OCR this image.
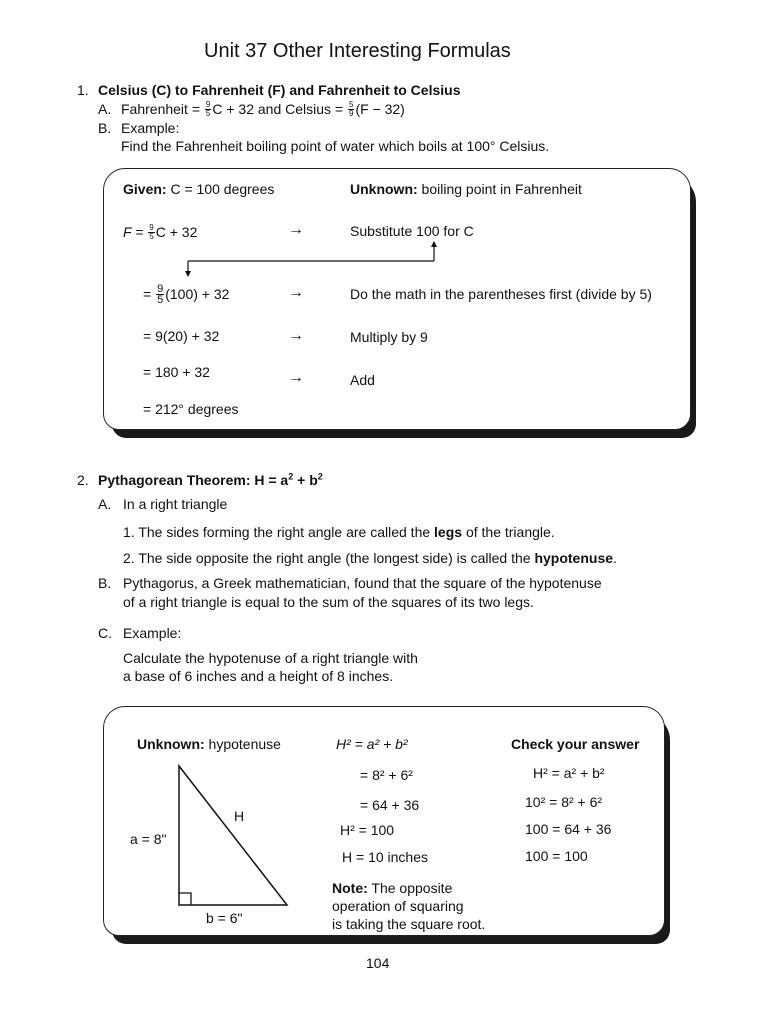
Unit 37 Other Interesting Formulas
1. Celsius (C) to Fahrenheit (F) and Fahrenheit to Celsius
A. Fahrenheit = $\frac{9}{5}$ C + 32 and Celsius = $\frac{5}{9} (F - 32)$
B. Example:
Find the Fahrenheit boiling point of water which boils at 100° Celsius.
Given: C = 100 degrees	Unknown: boiling point in Fahrenheit
$F = \frac{9}{5}$ C + 32	→	Substitute 100 for C
= $\frac{9}{5} (100) + 32$	→	Do the math in the parentheses first (divide by 5)
= 9(20) + 32	→	Multiply by 9
= 180 + 32	→	Add
= 212° degrees
2. Pythagorean Theorem: $H = a^2 + b^2$
A. In a right triangle
1. The sides forming the right angle are called the legs of the triangle.
2. The side opposite the right angle (the longest side) is called the hypotenuse.
B. Pythagorus, a Greek mathematician, found that the square of the hypotenuse
of a right triangle is equal to the sum of the squares of its two legs.
C. Example:
Calculate the hypotenuse of a right triangle with
a base of 6 inches and a height of 8 inches.
Unknown: hypotenuse
a = 8"
b = 6"
H
H² = a² + b²
= 8² + 6²
= 64 + 36
H² = 100
H = 10 inches
Note: The opposite
operation of squaring
is taking the square root.
Check your answer
H² = a² + b²
10² = 8² + 6²
100 = 64 + 36
100 = 100
104
